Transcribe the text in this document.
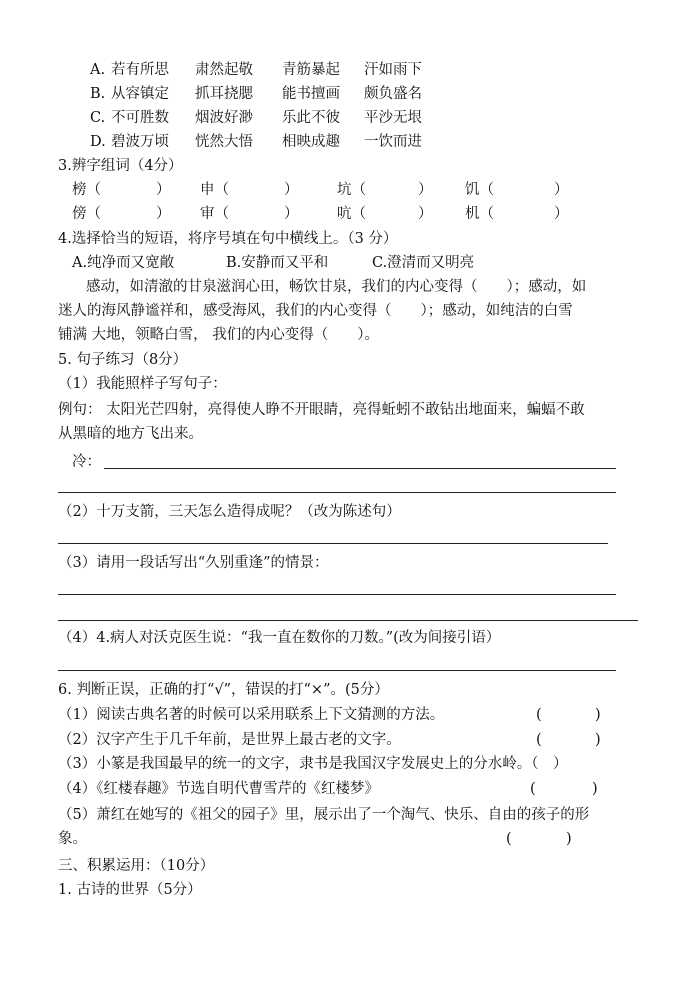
A. 若有所思 肃然起敬 青筋暴起 汗如雨下
B. 从容镇定 抓耳挠腮 能书擅画 颇负盛名
C. 不可胜数 烟波好渺 乐此不彼 平沙无垠
D. 碧波万顷 恍然大悟 相映成趣 一饮而进
3.辨字组词（4分）
榜（	） 申（	）	坑（	） 饥（	）
傍（	） 审（	）	吭（	） 机（	）
4.选择恰当的短语，将序号填在句中横线上。（3 分）
A.纯净而又宽敞	B.安静而又平和	C.澄清而又明亮
感动，如清澈的甘泉滋润心田，畅饮甘泉，我们的内心变得（　　）；感动，如
迷人的海风静谧祥和，感受海风，我们的内心变得（　　）；感动，如纯洁的白雪
铺满 大地，领略白雪， 我们的内心变得（　　）。
5. 句子练习（8分）
（1）我能照样子写句子：
例句： 太阳光芒四射，亮得使人睁不开眼睛，亮得蚯蚓不敢钻出地面来，蝙蝠不敢
从黑暗的地方飞出来。
冷：
（2）十万支箭，三天怎么造得成呢？（改为陈述句）
（3）请用一段话写出“久别重逢”的情景：
（4）4.病人对沃克医生说：“我一直在数你的刀数。”(改为间接引语）
6. 判断正误，正确的打“√”，错误的打“×”。(5分）
（1）阅读古典名著的时候可以采用联系上下文猜测的方法。	(	)
（2）汉字产生于几千年前，是世界上最古老的文字。	(	)
（3）小篆是我国最早的统一的文字，隶书是我国汉字发展史上的分水岭。（　）
（4）《红楼春趣》节选自明代曹雪芹的《红楼梦》	(	)
（5）萧红在她写的《祖父的园子》里，展示出了一个淘气、快乐、自由的孩子的形
象。	(	)
三、积累运用：（10分）
1. 古诗的世界（5分）
